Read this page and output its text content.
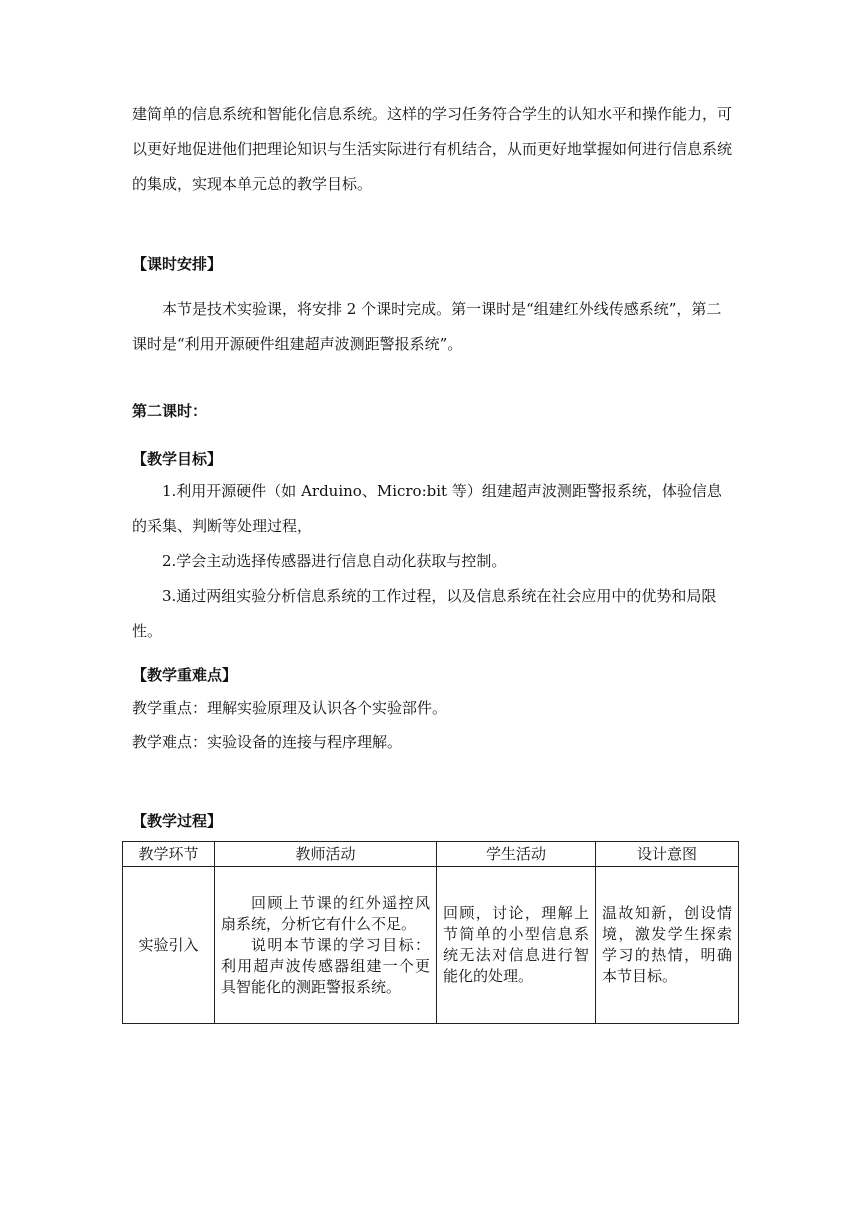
建简单的信息系统和智能化信息系统。这样的学习任务符合学生的认知水平和操作能力，可以更好地促进他们把理论知识与生活实际进行有机结合，从而更好地掌握如何进行信息系统的集成，实现本单元总的教学目标。

【课时安排】

本节是技术实验课，将安排 2 个课时完成。第一课时是“组建红外线传感系统”，第二课时是“利用开源硬件组建超声波测距警报系统”。

第二课时：

【教学目标】

1.利用开源硬件（如 Arduino、Micro:bit 等）组建超声波测距警报系统，体验信息的采集、判断等处理过程，

2.学会主动选择传感器进行信息自动化获取与控制。

3.通过两组实验分析信息系统的工作过程，以及信息系统在社会应用中的优势和局限性。

【教学重难点】

教学重点：理解实验原理及认识各个实验部件。

教学难点：实验设备的连接与程序理解。

【教学过程】

教学环节	教师活动	学生活动	设计意图
实验引入	回顾上节课的红外遥控风扇系统，分析它有什么不足。

说明本节课的学习目标：利用超声波传感器组建一个更具智能化的测距警报系统。	回顾，讨论，理解上节简单的小型信息系统无法对信息进行智能化的处理。	温故知新，创设情境，激发学生探索学习的热情，明确本节目标。
